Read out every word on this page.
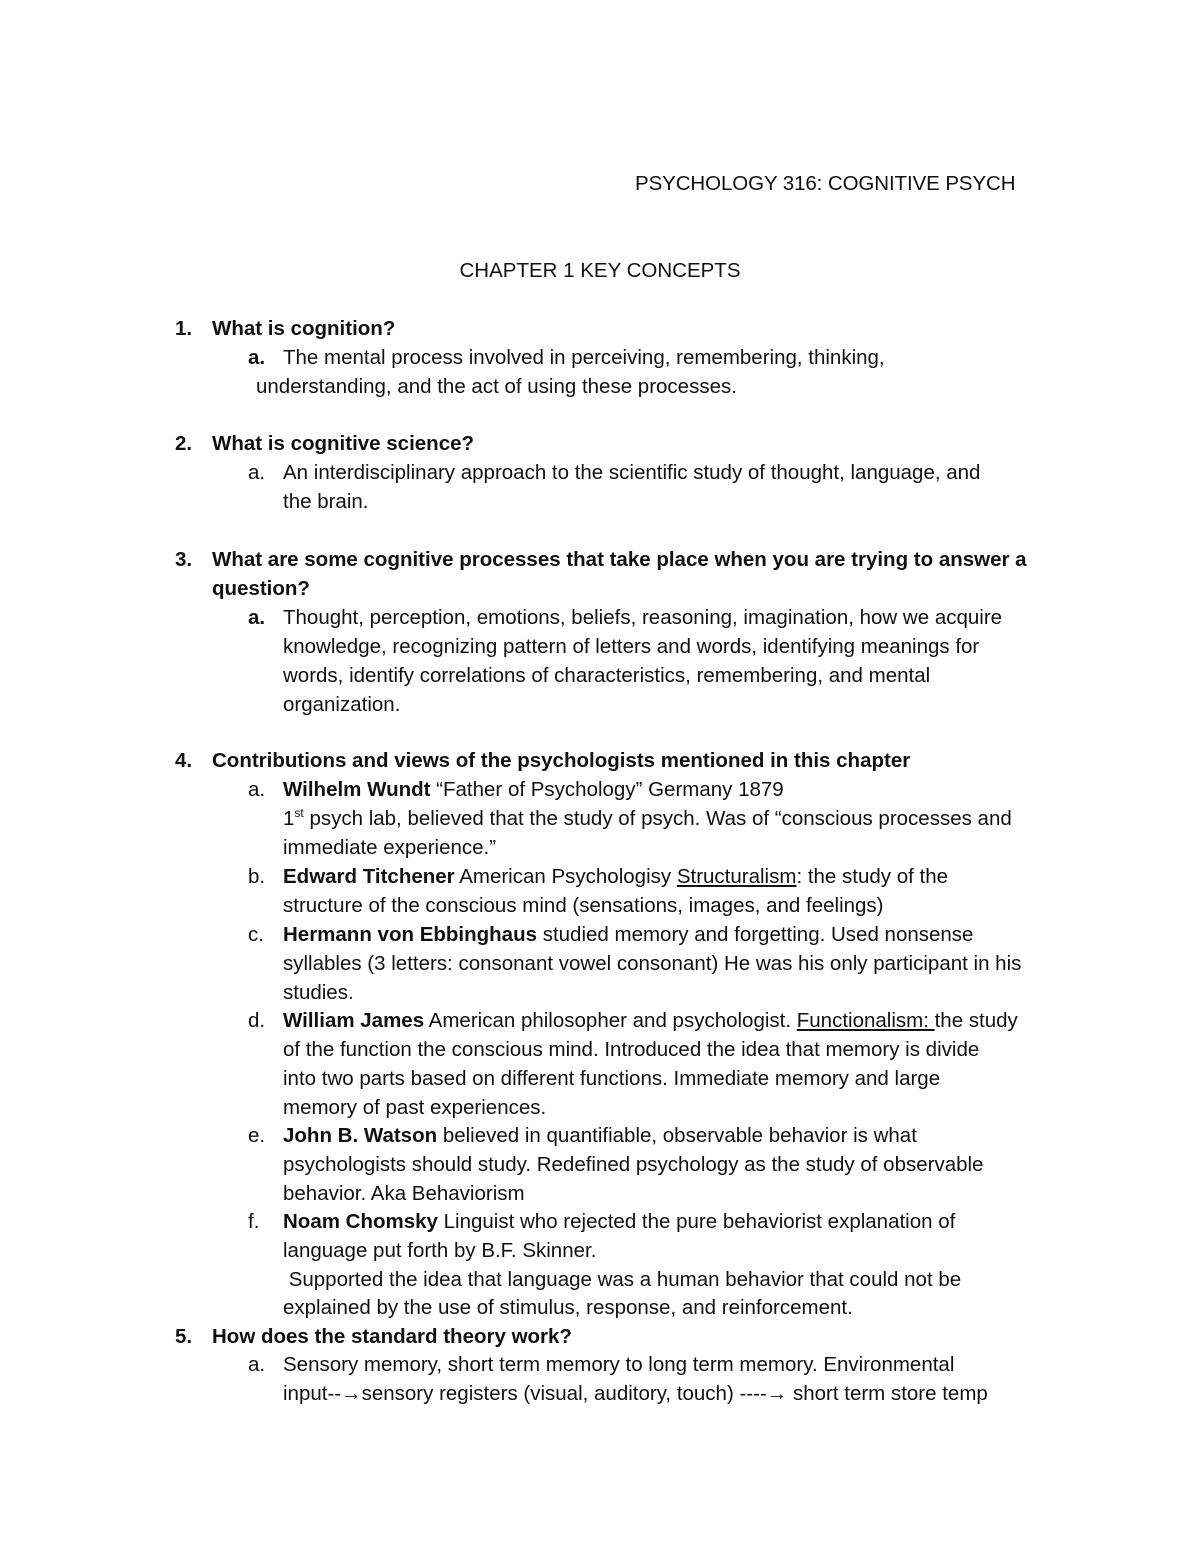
PSYCHOLOGY 316: COGNITIVE PSYCH
CHAPTER 1 KEY CONCEPTS
1. What is cognition?
a. The mental process involved in perceiving, remembering, thinking,
understanding, and the act of using these processes.
2. What is cognitive science?
a. An interdisciplinary approach to the scientific study of thought, language, and
the brain.
3. What are some cognitive processes that take place when you are trying to answer a
question?
a. Thought, perception, emotions, beliefs, reasoning, imagination, how we acquire
knowledge, recognizing pattern of letters and words, identifying meanings for
words, identify correlations of characteristics, remembering, and mental
organization.
4. Contributions and views of the psychologists mentioned in this chapter
a. Wilhelm Wundt “Father of Psychology” Germany 1879
1st psych lab, believed that the study of psych. Was of “conscious processes and
immediate experience.”
b. Edward Titchener American Psychologisy Structuralism: the study of the
structure of the conscious mind (sensations, images, and feelings)
c. Hermann von Ebbinghaus studied memory and forgetting. Used nonsense
syllables (3 letters: consonant vowel consonant) He was his only participant in his
studies.
d. William James American philosopher and psychologist. Functionalism: the study
of the function the conscious mind. Introduced the idea that memory is divide
into two parts based on different functions. Immediate memory and large
memory of past experiences.
e. John B. Watson believed in quantifiable, observable behavior is what
psychologists should study. Redefined psychology as the study of observable
behavior. Aka Behaviorism
f. Noam Chomsky Linguist who rejected the pure behaviorist explanation of
language put forth by B.F. Skinner.
Supported the idea that language was a human behavior that could not be
explained by the use of stimulus, response, and reinforcement.
5. How does the standard theory work?
a. Sensory memory, short term memory to long term memory. Environmental
input--→sensory registers (visual, auditory, touch) ----→ short term store temp
